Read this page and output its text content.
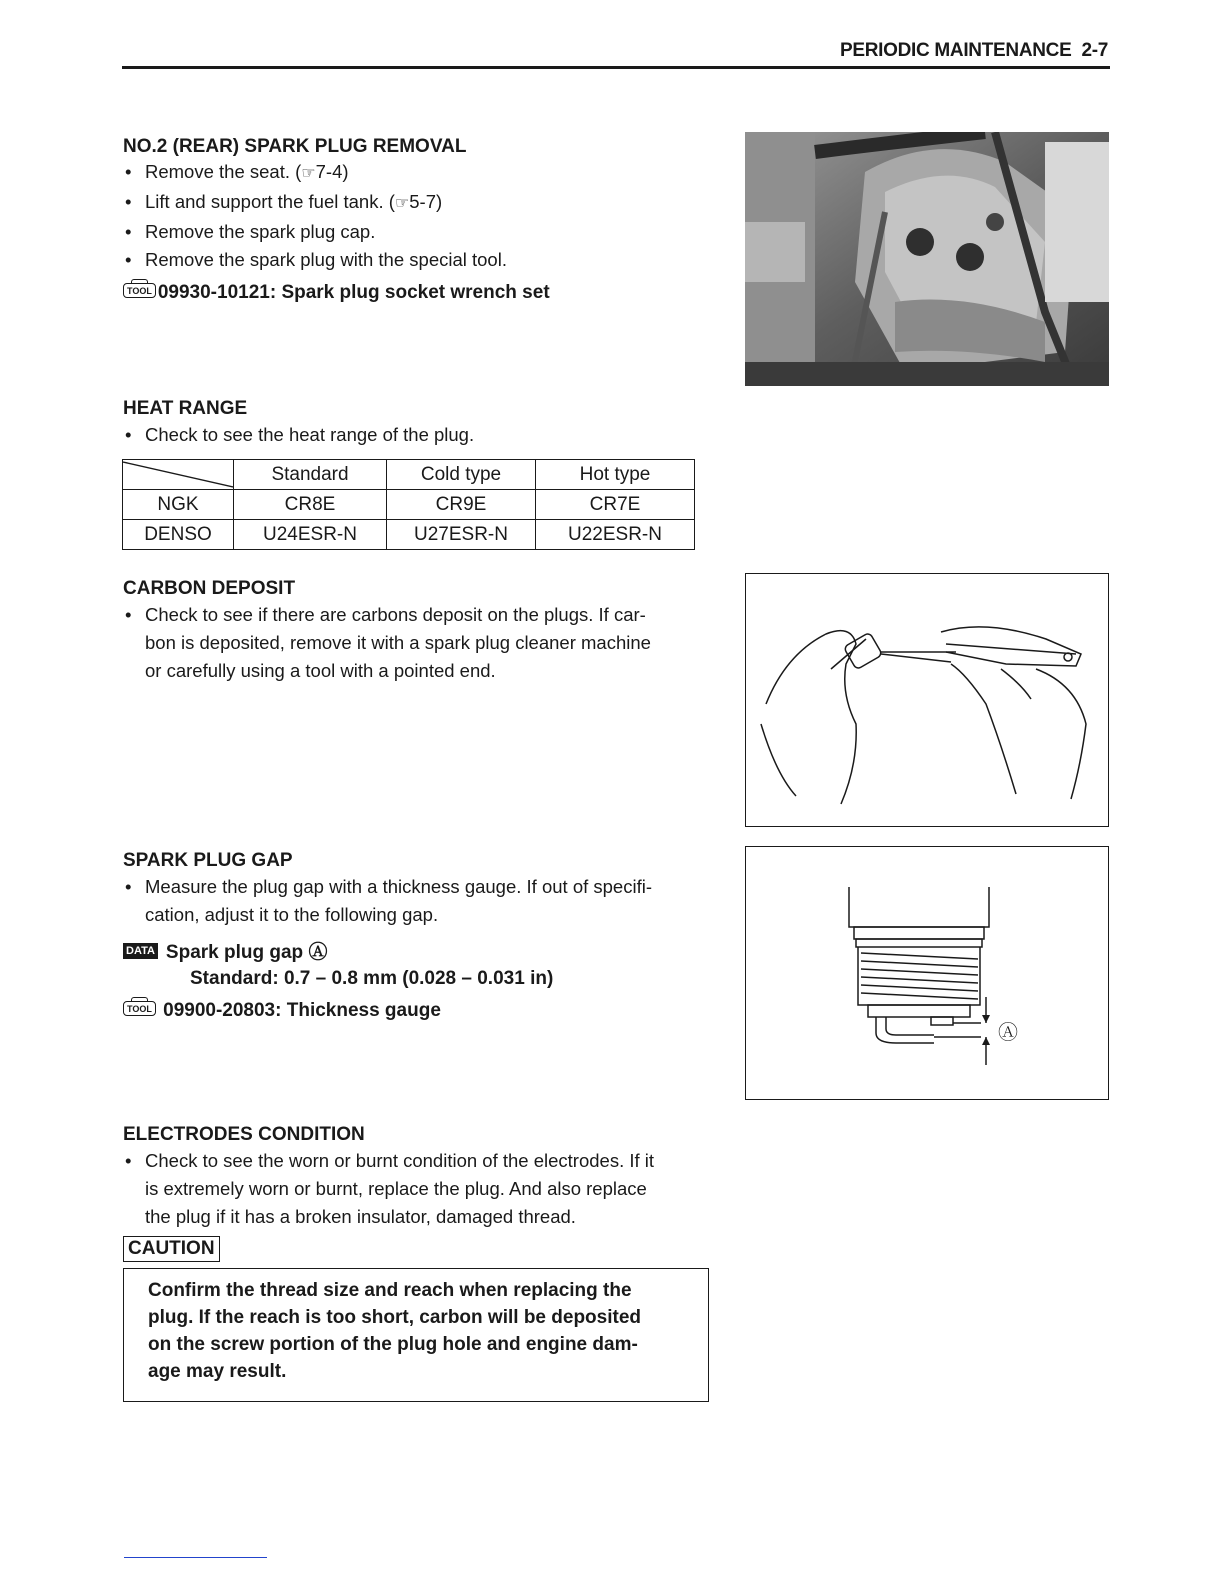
PERIODIC MAINTENANCE 2-7
NO.2 (REAR) SPARK PLUG REMOVAL
• Remove the seat. (☞7-4)
• Lift and support the fuel tank. (☞5-7)
• Remove the spark plug cap.
• Remove the spark plug with the special tool.
TOOL 09930-10121: Spark plug socket wrench set
HEAT RANGE
• Check to see the heat range of the plug.
	Standard	Cold type	Hot type
NGK	CR8E	CR9E	CR7E
DENSO	U24ESR-N	U27ESR-N	U22ESR-N
CARBON DEPOSIT
• Check to see if there are carbons deposit on the plugs. If car-
bon is deposited, remove it with a spark plug cleaner machine
or carefully using a tool with a pointed end.
SPARK PLUG GAP
• Measure the plug gap with a thickness gauge. If out of specifi-
cation, adjust it to the following gap.
DATA Spark plug gap Ⓐ
Standard: 0.7 – 0.8 mm (0.028 – 0.031 in)
TOOL 09900-20803: Thickness gauge
Ⓐ
ELECTRODES CONDITION
• Check to see the worn or burnt condition of the electrodes. If it
is extremely worn or burnt, replace the plug. And also replace
the plug if it has a broken insulator, damaged thread.
CAUTION

Confirm the thread size and reach when replacing the

plug. If the reach is too short, carbon will be deposited

on the screw portion of the plug hole and engine dam-

age may result.
